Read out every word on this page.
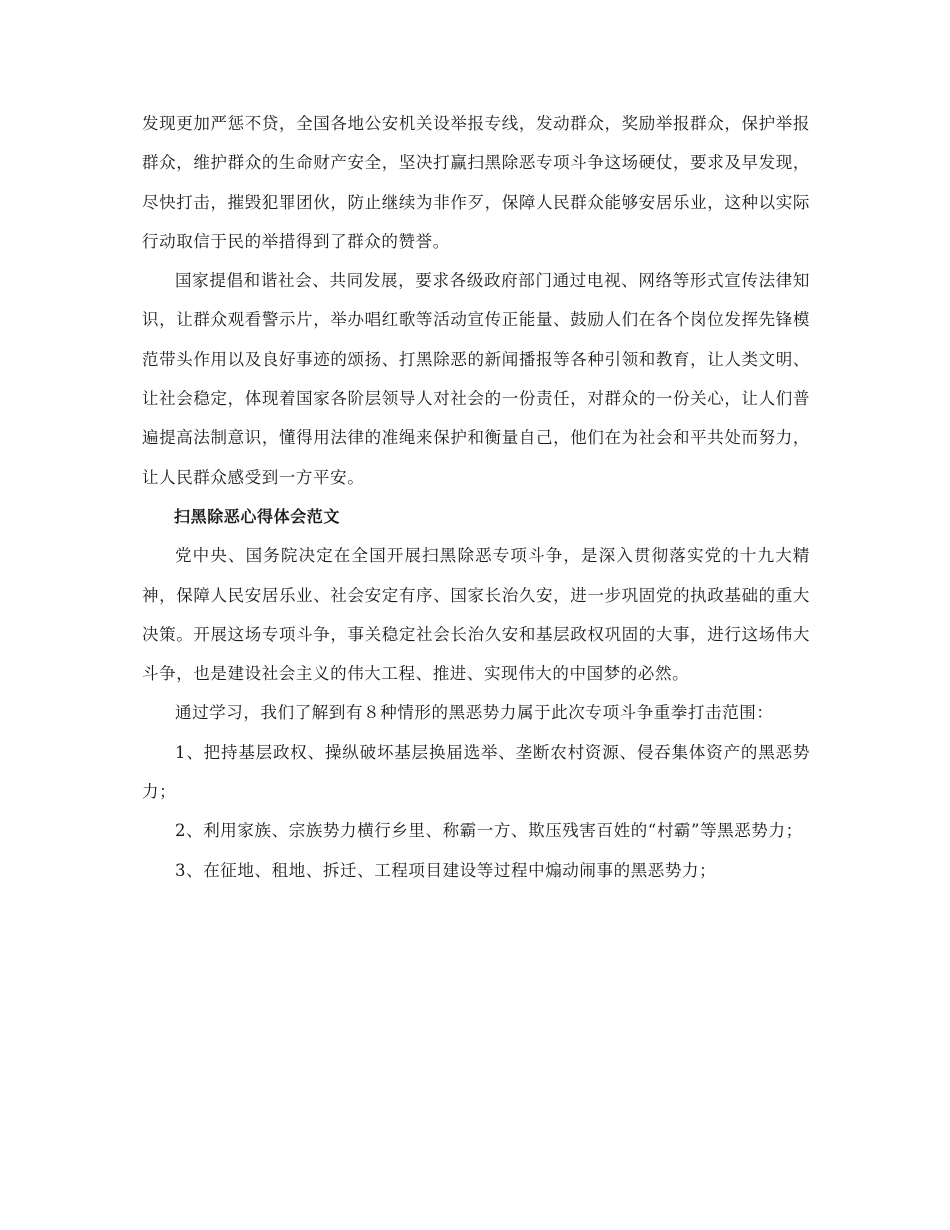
发现更加严惩不贷，全国各地公安机关设举报专线，发动群众，奖励举报群众，保护举报群众，维护群众的生命财产安全，坚决打赢扫黑除恶专项斗争这场硬仗，要求及早发现，尽快打击，摧毁犯罪团伙，防止继续为非作歹，保障人民群众能够安居乐业，这种以实际行动取信于民的举措得到了群众的赞誉。

国家提倡和谐社会、共同发展，要求各级政府部门通过电视、网络等形式宣传法律知识，让群众观看警示片，举办唱红歌等活动宣传正能量、鼓励人们在各个岗位发挥先锋模范带头作用以及良好事迹的颂扬、打黑除恶的新闻播报等各种引领和教育，让人类文明、让社会稳定，体现着国家各阶层领导人对社会的一份责任，对群众的一份关心，让人们普遍提高法制意识，懂得用法律的准绳来保护和衡量自己，他们在为社会和平共处而努力，让人民群众感受到一方平安。

扫黑除恶心得体会范文

党中央、国务院决定在全国开展扫黑除恶专项斗争，是深入贯彻落实党的十九大精神，保障人民安居乐业、社会安定有序、国家长治久安，进一步巩固党的执政基础的重大决策。开展这场专项斗争，事关稳定社会长治久安和基层政权巩固的大事，进行这场伟大斗争，也是建设社会主义的伟大工程、推进、实现伟大的中国梦的必然。

通过学习，我们了解到有８种情形的黑恶势力属于此次专项斗争重拳打击范围：

1、把持基层政权、操纵破坏基层换届选举、垄断农村资源、侵吞集体资产的黑恶势力；

2、利用家族、宗族势力横行乡里、称霸一方、欺压残害百姓的“村霸”等黑恶势力；

3、在征地、租地、拆迁、工程项目建设等过程中煽动闹事的黑恶势力；
